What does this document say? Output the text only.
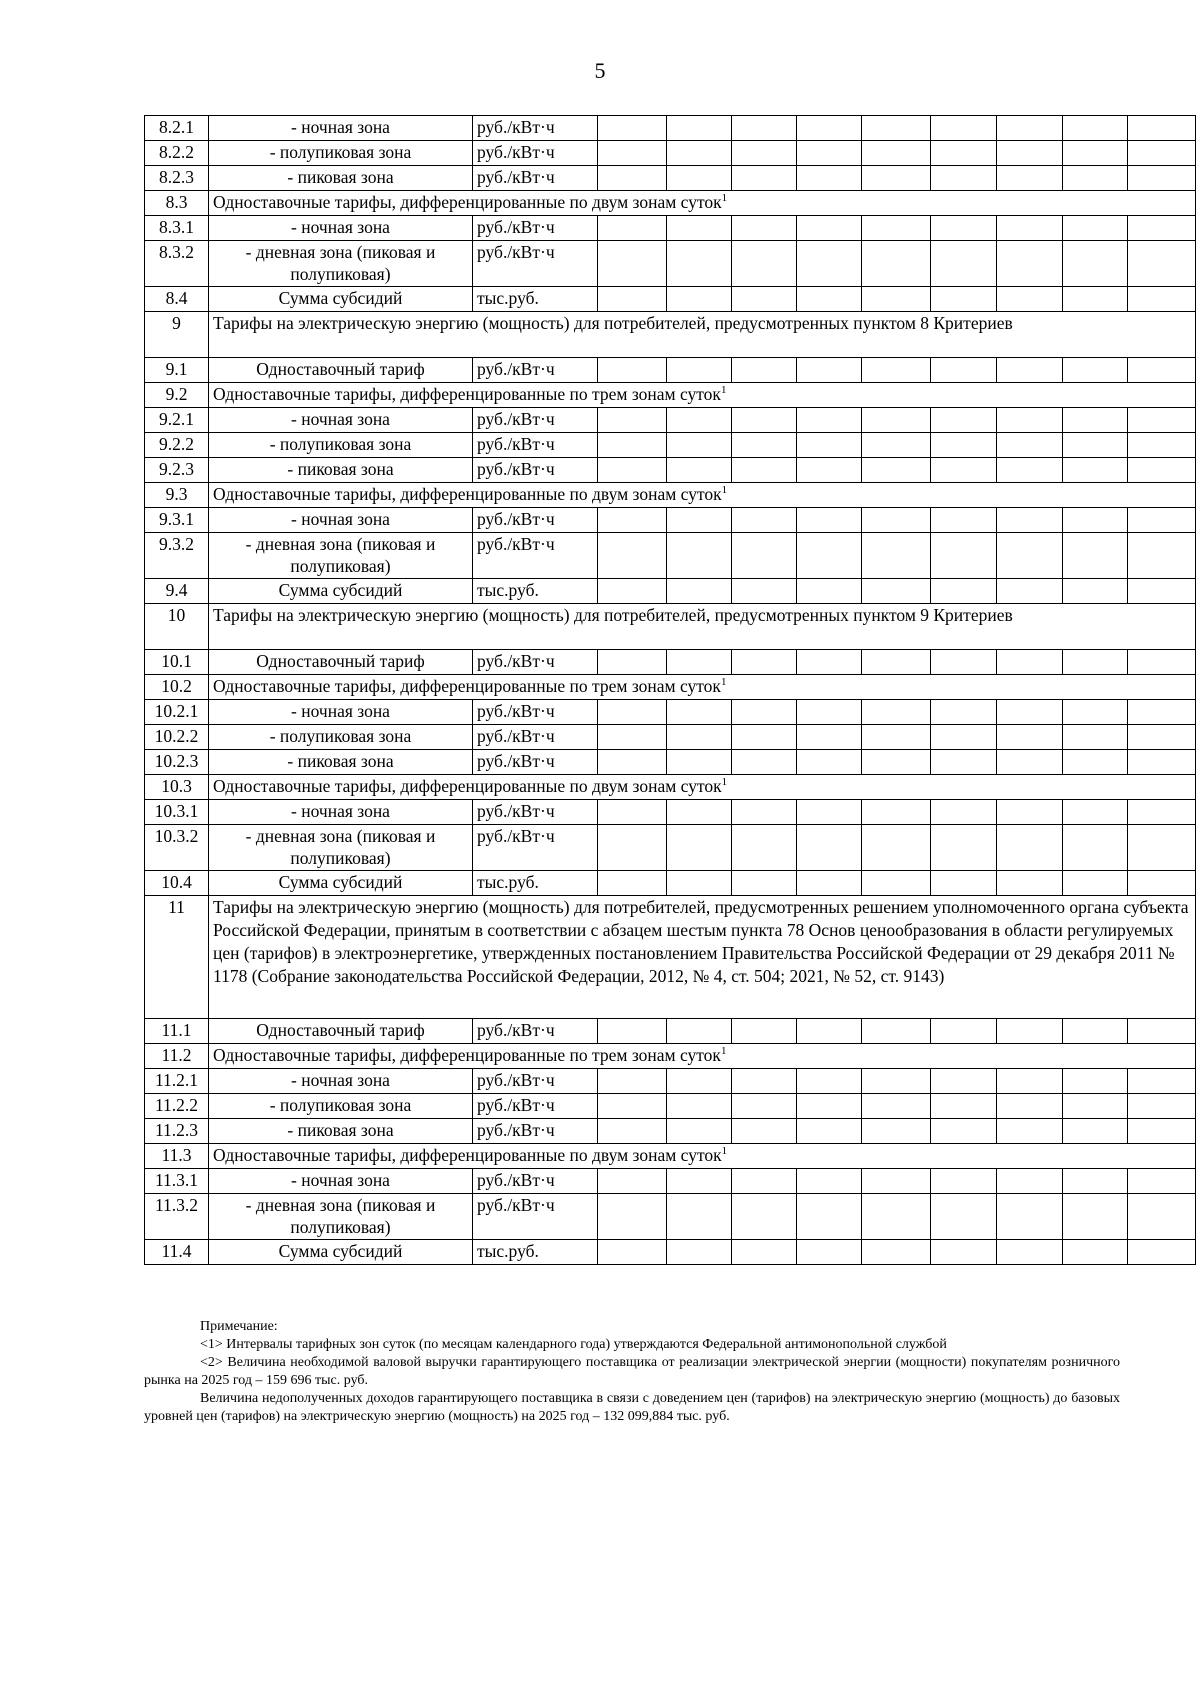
5
8.2.1	- ночная зона	руб./кВт·ч									
8.2.2	- полупиковая зона	руб./кВт·ч									
8.2.3	- пиковая зона	руб./кВт·ч									
8.3	Одноставочные тарифы, дифференцированные по двум зонам суток$^1$
8.3.1	- ночная зона	руб./кВт·ч									
8.3.2	- дневная зона (пиковая и полупиковая)	руб./кВт·ч									
8.4	Сумма субсидий	тыс.руб.									
9	Тарифы на электрическую энергию (мощность) для потребителей, предусмотренных пунктом 8 Критериев										
9.1	Одноставочный тариф	руб./кВт·ч									
9.2	Одноставочные тарифы, дифференцированные по трем зонам суток$^1$
9.2.1	- ночная зона	руб./кВт·ч									
9.2.2	- полупиковая зона	руб./кВт·ч									
9.2.3	- пиковая зона	руб./кВт·ч									
9.3	Одноставочные тарифы, дифференцированные по двум зонам суток$^1$
9.3.1	- ночная зона	руб./кВт·ч									
9.3.2	- дневная зона (пиковая и полупиковая)	руб./кВт·ч									
9.4	Сумма субсидий	тыс.руб.									
10	Тарифы на электрическую энергию (мощность) для потребителей, предусмотренных пунктом 9 Критериев										
10.1	Одноставочный тариф	руб./кВт·ч									
10.2	Одноставочные тарифы, дифференцированные по трем зонам суток$^1$
10.2.1	- ночная зона	руб./кВт·ч									
10.2.2	- полупиковая зона	руб./кВт·ч									
10.2.3	- пиковая зона	руб./кВт·ч									
10.3	Одноставочные тарифы, дифференцированные по двум зонам суток$^1$
10.3.1	- ночная зона	руб./кВт·ч									
10.3.2	- дневная зона (пиковая и полупиковая)	руб./кВт·ч									
10.4	Сумма субсидий	тыс.руб.									
11	Тарифы на электрическую энергию (мощность) для потребителей, предусмотренных решением уполномоченного органа субъекта Российской Федерации, принятым в соответствии с абзацем шестым пункта 78 Основ ценообразования в области регулируемых цен (тарифов) в электроэнергетике, утвержденных постановлением Правительства Российской Федерации от 29 декабря 2011 № 1178 (Собрание законодательства Российской Федерации, 2012, № 4, ст. 504; 2021, № 52, ст. 9143)										
11.1	Одноставочный тариф	руб./кВт·ч									
11.2	Одноставочные тарифы, дифференцированные по трем зонам суток$^1$
11.2.1	- ночная зона	руб./кВт·ч									
11.2.2	- полупиковая зона	руб./кВт·ч									
11.2.3	- пиковая зона	руб./кВт·ч									
11.3	Одноставочные тарифы, дифференцированные по двум зонам суток$^1$
11.3.1	- ночная зона	руб./кВт·ч									
11.3.2	- дневная зона (пиковая и полупиковая)	руб./кВт·ч									
11.4	Сумма субсидий	тыс.руб.									

Примечание:

<1> Интервалы тарифных зон суток (по месяцам календарного года) утверждаются Федеральной антимонопольной службой

<2> Величина необходимой валовой выручки гарантирующего поставщика от реализации электрической энергии (мощности) покупателям розничного рынка на 2025 год – 159 696 тыс. руб.

Величина недополученных доходов гарантирующего поставщика в связи с доведением цен (тарифов) на электрическую энергию (мощность) до базовых уровней цен (тарифов) на электрическую энергию (мощность) на 2025 год – 132 099,884 тыс. руб.
